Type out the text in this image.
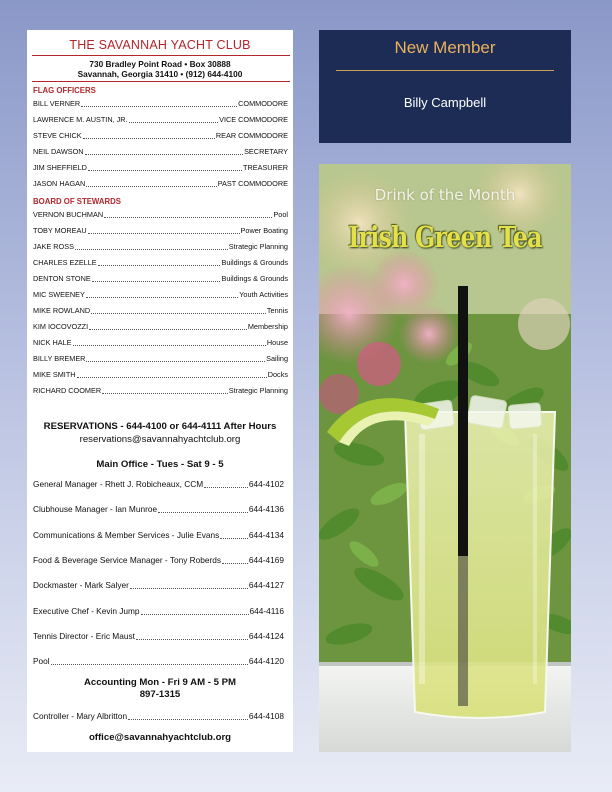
THE SAVANNAH YACHT CLUB
730 Bradley Point Road • Box 30888
Savannah, Georgia 31410 • (912) 644-4100
FLAG OFFICERS
BILL VERNER	COMMODORE
LAWRENCE M. AUSTIN, JR.	VICE COMMODORE
STEVE CHICK	REAR COMMODORE
NEIL DAWSON	SECRETARY
JIM SHEFFIELD	TREASURER
JASON HAGAN	PAST COMMODORE
BOARD OF STEWARDS
VERNON BUCHMAN	Pool
TOBY MOREAU	Power Boating
JAKE ROSS	Strategic Planning
CHARLES EZELLE	Buildings & Grounds
DENTON STONE	Buildings & Grounds
MIC SWEENEY	Youth Activities
MIKE ROWLAND	Tennis
KIM IOCOVOZZI	Membership
NICK HALE	House
BILLY BREMER	Sailing
MIKE SMITH	Docks
RICHARD COOMER	Strategic Planning
RESERVATIONS - 644-4100 or 644-4111 After Hours
reservations@savannahyachtclub.org
Main Office - Tues - Sat 9 - 5
General Manager - Rhett J. Robicheaux, CCM	644-4102
Clubhouse Manager - Ian Munroe	644-4136
Communications & Member Services - Julie Evans	644-4134
Food & Beverage Service Manager - Tony Roberds	644-4169
Dockmaster - Mark Salyer	644-4127
Executive Chef - Kevin Jump	644-4116
Tennis Director - Eric Maust	644-4124
Pool	644-4120
Accounting Mon - Fri 9 AM - 5 PM
897-1315
Controller - Mary Albritton	644-4108
office@savannahyachtclub.org
New Member
Billy Campbell
Drink of the Month
Irish Green Tea
